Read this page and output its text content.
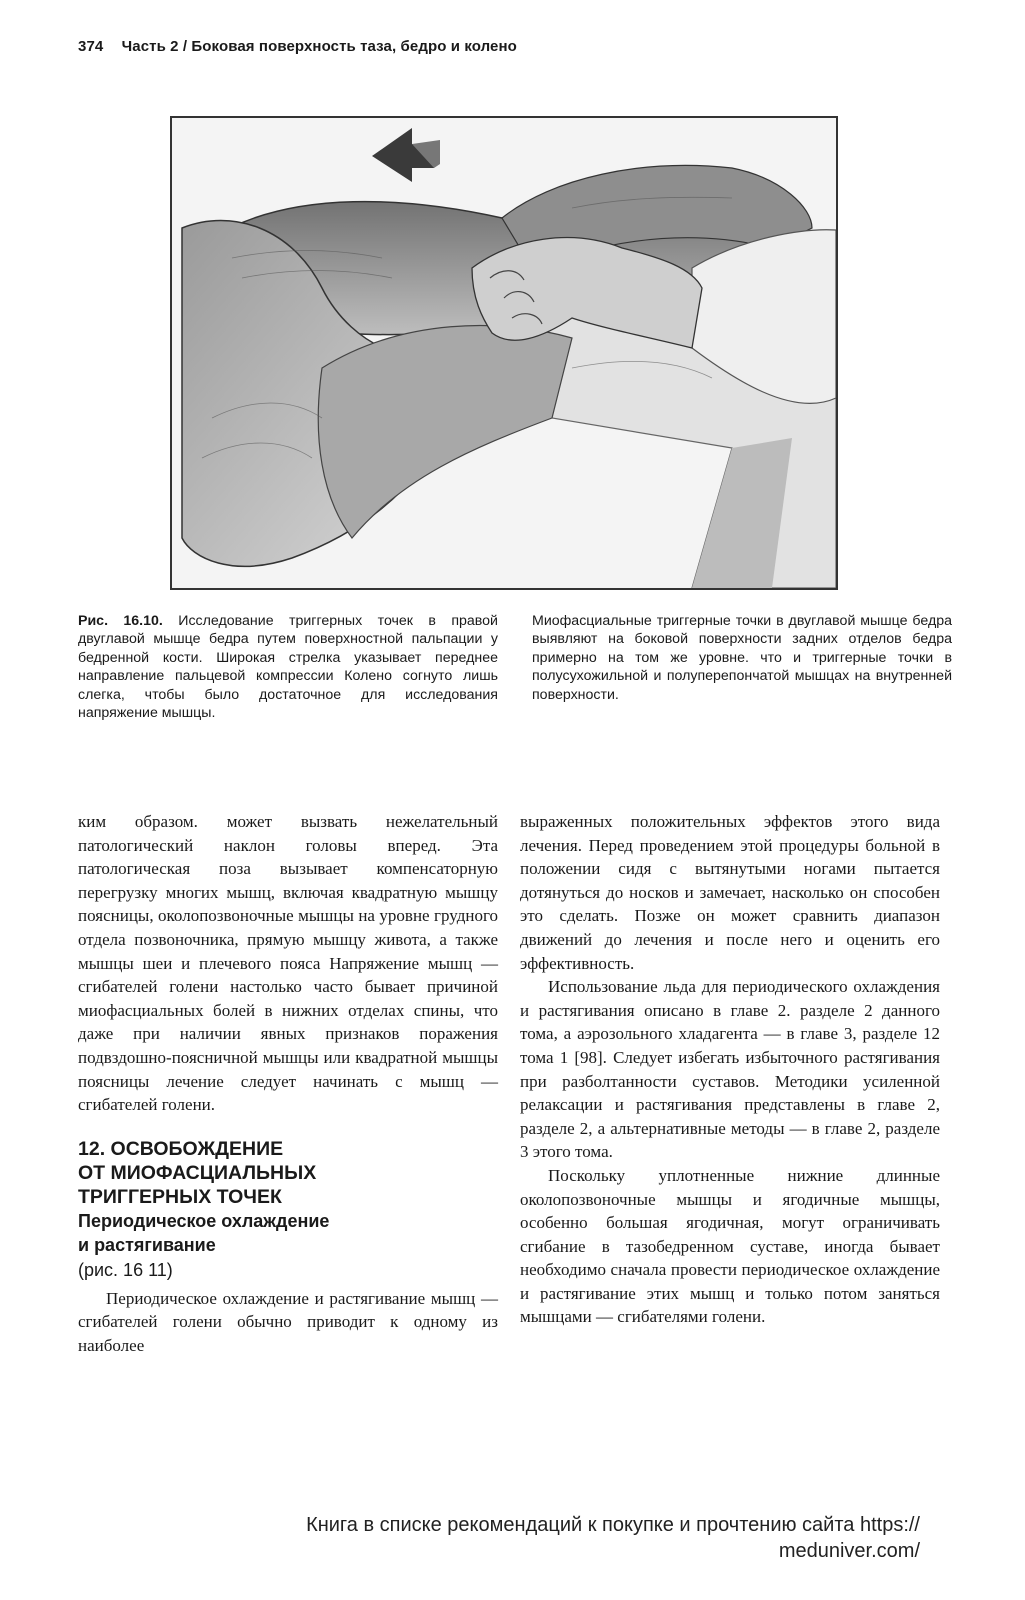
374 Часть 2 / Боковая поверхность таза, бедро и колено
Рис. 16.10. Исследование триггерных точек в правой двуглавой мышце бедра путем поверхностной пальпации у бедренной кости. Широкая стрелка указывает переднее направление пальцевой компрессии Колено согнуто лишь слегка, чтобы было достаточное для исследования напряжение мышцы.
Миофасциальные триггерные точки в двуглавой мышце бедра выявляют на боковой поверхности задних отделов бедра примерно на том же уровне. что и триггерные точки в полусухожильной и полуперепончатой мышцах на внутренней поверхности.

ким образом. может вызвать нежелательный патологический наклон головы вперед. Эта патологическая поза вызывает компенсаторную перегрузку многих мышц, включая квадратную мышцу поясницы, околопозвоночные мышцы на уровне грудного отдела позвоночника, прямую мышцу живота, а также мышцы шеи и плечевого пояса Напряжение мышц — сгибателей голени настолько часто бывает причиной миофасциальных болей в нижних отделах спины, что даже при наличии явных признаков поражения подвздошно-поясничной мышцы или квадратной мышцы поясницы лечение следует начинать с мышц — сгибателей голени.

12. ОСВОБОЖДЕНИЕ
ОТ МИОФАСЦИАЛЬНЫХ
ТРИГГЕРНЫХ ТОЧЕК
Периодическое охлаждение
и растягивание
(рис. 16 11)

Периодическое охлаждение и растягивание мышц — сгибателей голени обычно приводит к одному из наиболее

выраженных положительных эффектов этого вида лечения. Перед проведением этой процедуры больной в положении сидя с вытянутыми ногами пытается дотянуться до носков и замечает, насколько он способен это сделать. Позже он может сравнить диапазон движений до лечения и после него и оценить его эффективность.

Использование льда для периодического охлаждения и растягивания описано в главе 2. разделе 2 данного тома, а аэрозольного хладагента — в главе 3, разделе 12 тома 1 [98]. Следует избегать избыточного растягивания при разболтанности суставов. Методики усиленной релаксации и растягивания представлены в главе 2, разделе 2, а альтернативные методы — в главе 2, разделе 3 этого тома.

Поскольку уплотненные нижние длинные околопозвоночные мышцы и ягодичные мышцы, особенно большая ягодичная, могут ограничивать сгибание в тазобедренном суставе, иногда бывает необходимо сначала провести периодическое охлаждение и растягивание этих мышц и только потом заняться мышцами — сгибателями голени.

Книга в списке рекомендаций к покупке и прочтению сайта https://
meduniver.com/
